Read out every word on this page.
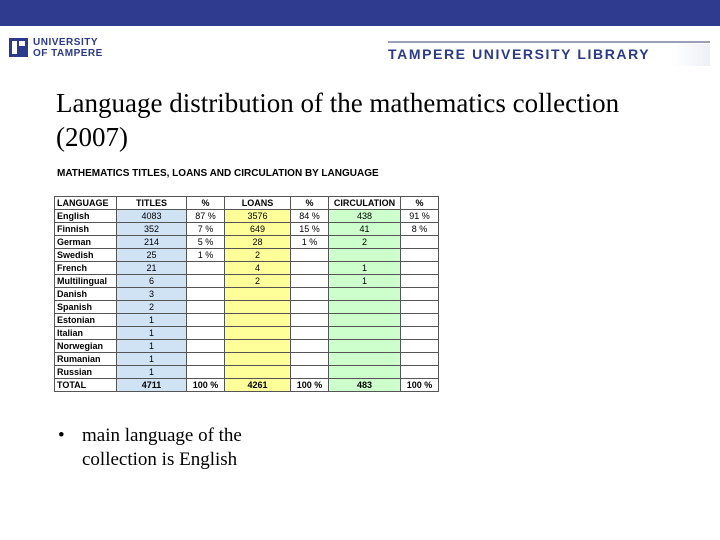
UNIVERSITY
OF TAMPERE	TAMPERE UNIVERSITY LIBRARY
Language distribution of the mathematics collection (2007)
MATHEMATICS TITLES, LOANS AND CIRCULATION BY LANGUAGE
LANGUAGE	TITLES	%	LOANS	%	CIRCULATION	%
English	4083	87 %	3576	84 %	438	91 %
Finnish	352	7 %	649	15 %	41	8 %
German	214	5 %	28	1 %	2	
Swedish	25	1 %	2			
French	21		4		1	
Multilingual	6		2		1	
Danish	3					
Spanish	2					
Estonian	1					
Italian	1					
Norwegian	1					
Rumanian	1					
Russian	1					
TOTAL	4711	100 %	4261	100 %	483	100 %
• main language of the collection is English
